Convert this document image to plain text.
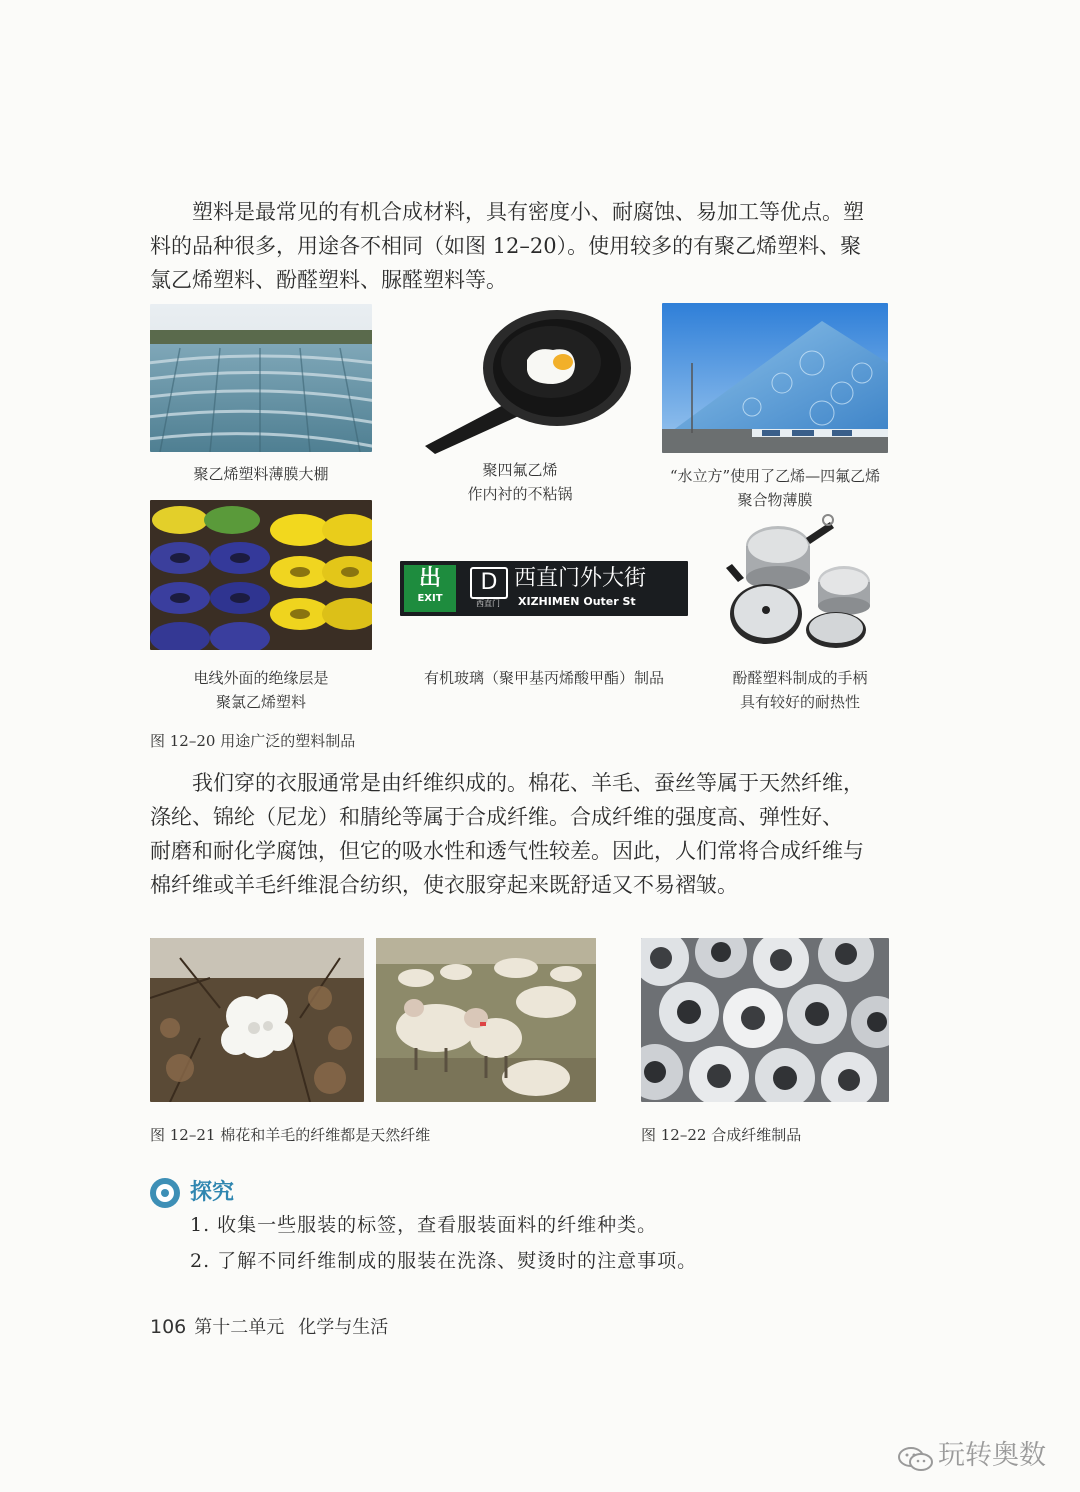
塑料是最常见的有机合成材料，具有密度小、耐腐蚀、易加工等优点。塑
料的品种很多，用途各不相同（如图 12–20）。使用较多的有聚乙烯塑料、聚
氯乙烯塑料、酚醛塑料、脲醛塑料等。
聚乙烯塑料薄膜大棚	聚四氟乙烯
作内衬的不粘锅
“水立方”使用了乙烯—四氟乙烯
聚合物薄膜
电线外面的绝缘层是
聚氯乙烯塑料
出
EXIT
D
西直门
西直门外大街
XIZHIMEN Outer St
有机玻璃（聚甲基丙烯酸甲酯）制品	酚醛塑料制成的手柄
具有较好的耐热性
图 12–20 用途广泛的塑料制品
我们穿的衣服通常是由纤维织成的。棉花、羊毛、蚕丝等属于天然纤维，
涤纶、锦纶（尼龙）和腈纶等属于合成纤维。合成纤维的强度高、弹性好、
耐磨和耐化学腐蚀，但它的吸水性和透气性较差。因此，人们常将合成纤维与
棉纤维或羊毛纤维混合纺织，使衣服穿起来既舒适又不易褶皱。
图 12–21 棉花和羊毛的纤维都是天然纤维	图 12–22 合成纤维制品
探究
1. 收集一些服装的标签，查看服装面料的纤维种类。
2. 了解不同纤维制成的服装在洗涤、熨烫时的注意事项。
106 第十二单元 化学与生活
玩转奥数
